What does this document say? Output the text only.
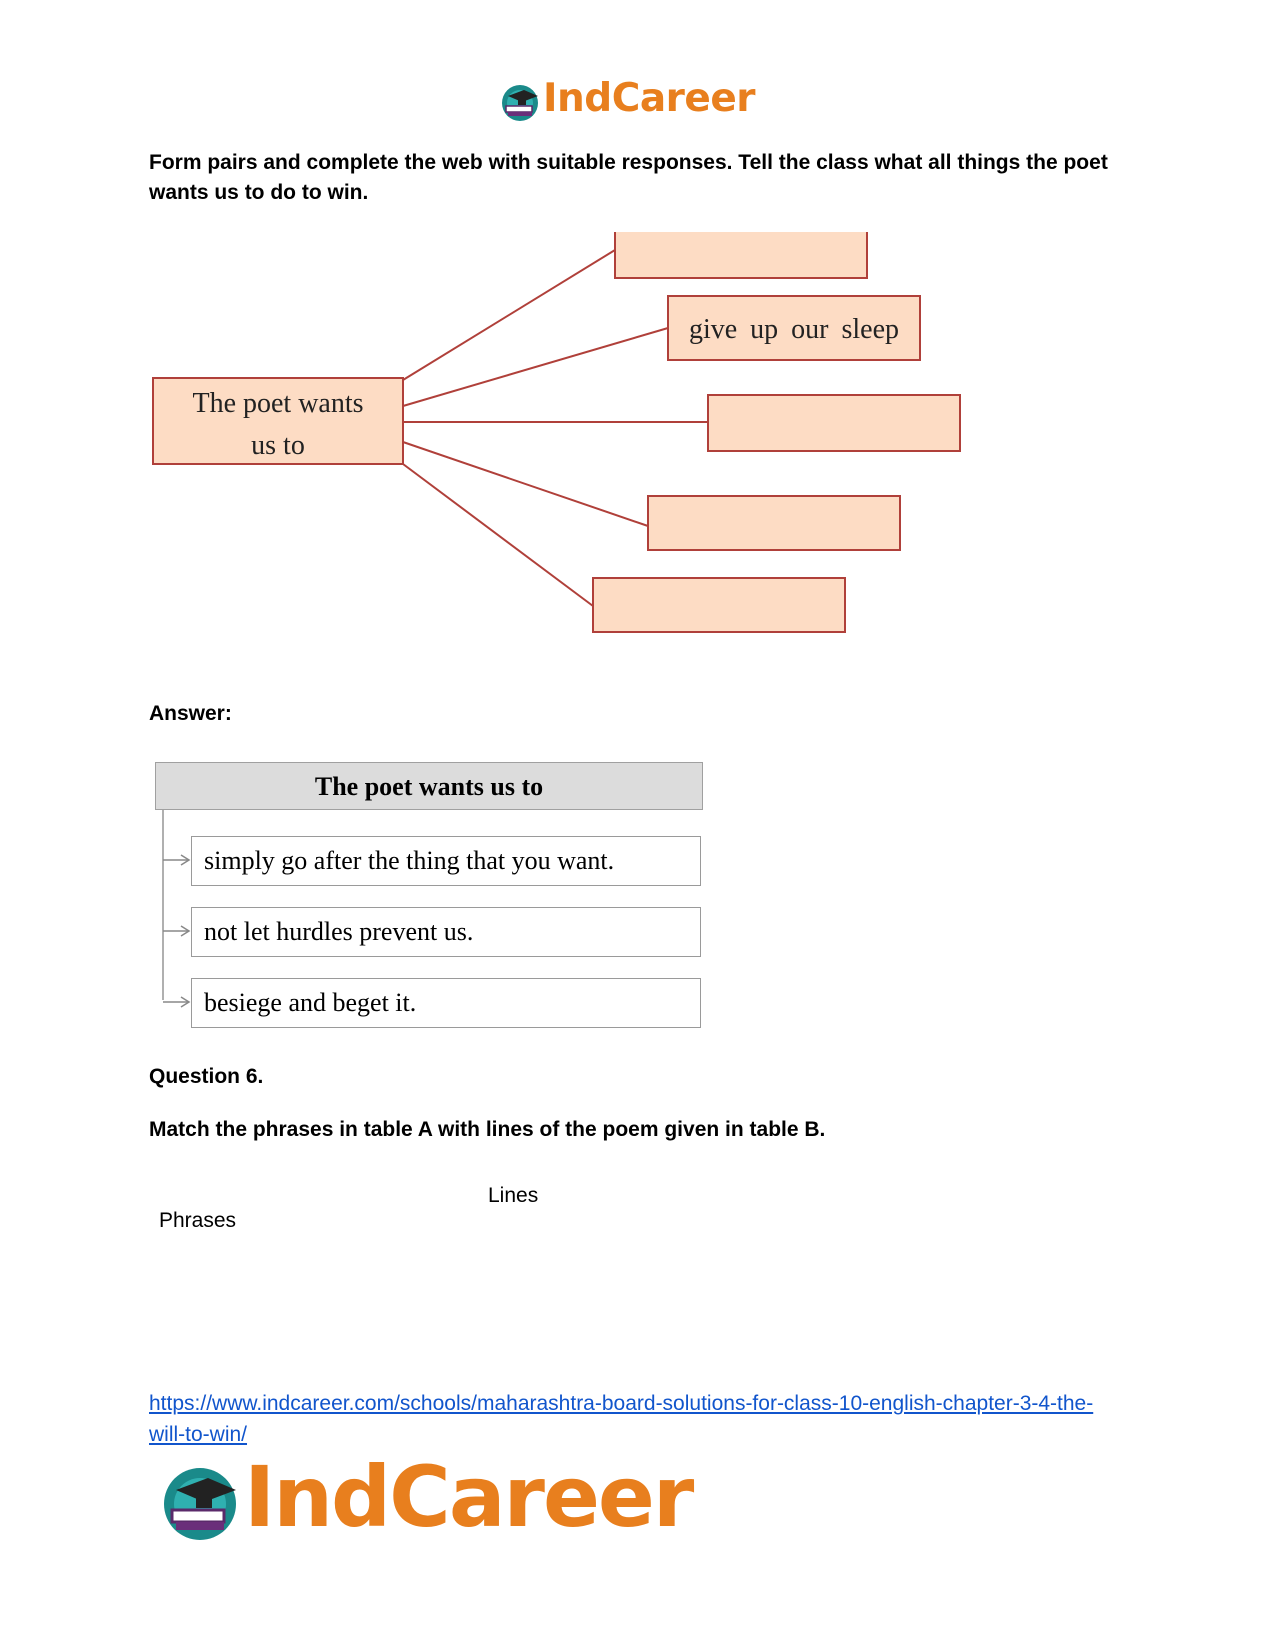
IndCareer
Form pairs and complete the web with suitable responses. Tell the class what all things the poet wants us to do to win.
The poet wants
us to
give up our sleep
Answer:
The poet wants us to
simply go after the thing that you want.
not let hurdles prevent us.
besiege and beget it.
Question 6.
Match the phrases in table A with lines of the poem given in table B.
Lines
Phrases
https://www.indcareer.com/schools/maharashtra-board-solutions-for-class-10-english-chapter-3-4-the-will-to-win/
IndCareer
